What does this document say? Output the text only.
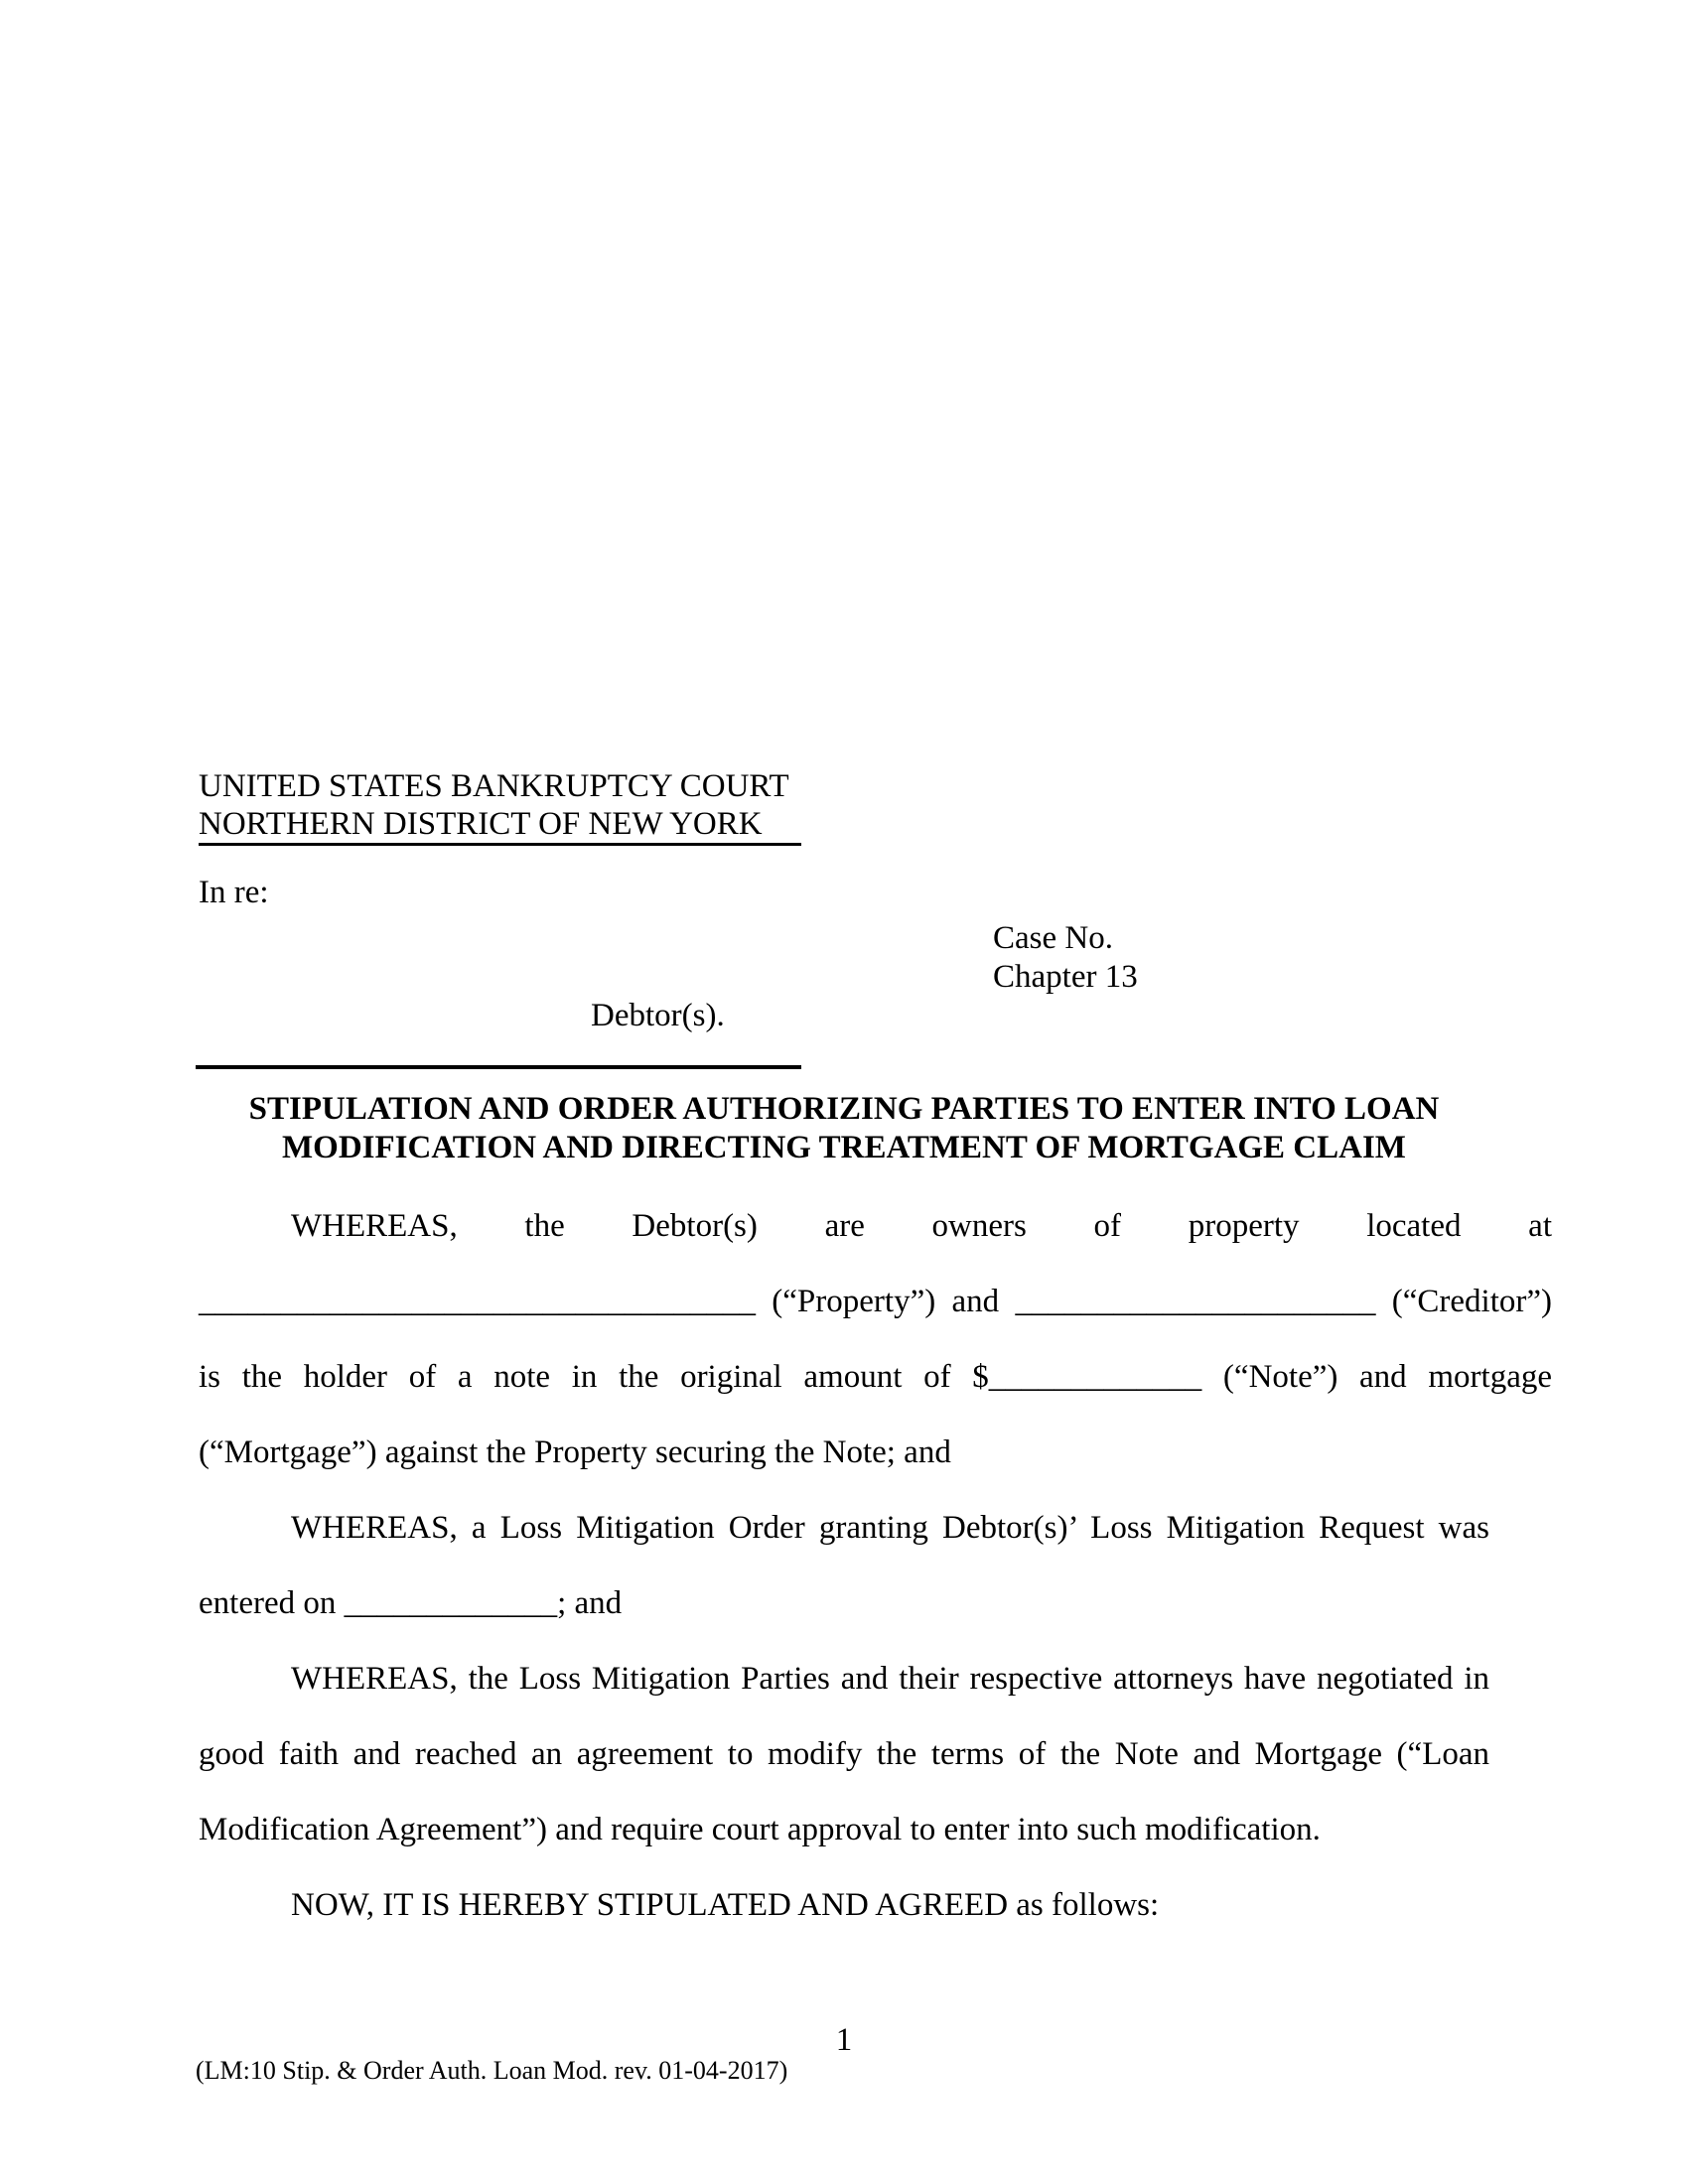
UNITED STATES BANKRUPTCY COURT
NORTHERN DISTRICT OF NEW YORK
In re:
Case No.
Chapter 13
Debtor(s).
STIPULATION AND ORDER AUTHORIZING PARTIES TO ENTER INTO LOAN
MODIFICATION AND DIRECTING TREATMENT OF MORTGAGE CLAIM
WHEREAS, the Debtor(s) are owners of property located at
__________________________________ (“Property”) and ______________________ (“Creditor”)
is the holder of a note in the original amount of $_____________ (“Note”) and mortgage
(“Mortgage”) against the Property securing the Note; and
WHEREAS, a Loss Mitigation Order granting Debtor(s)’ Loss Mitigation Request was
entered on _____________; and
WHEREAS, the Loss Mitigation Parties and their respective attorneys have negotiated in
good faith and reached an agreement to modify the terms of the Note and Mortgage (“Loan
Modification Agreement”) and require court approval to enter into such modification.
NOW, IT IS HEREBY STIPULATED AND AGREED as follows:
1
(LM:10 Stip. & Order Auth. Loan Mod. rev. 01-04-2017)
